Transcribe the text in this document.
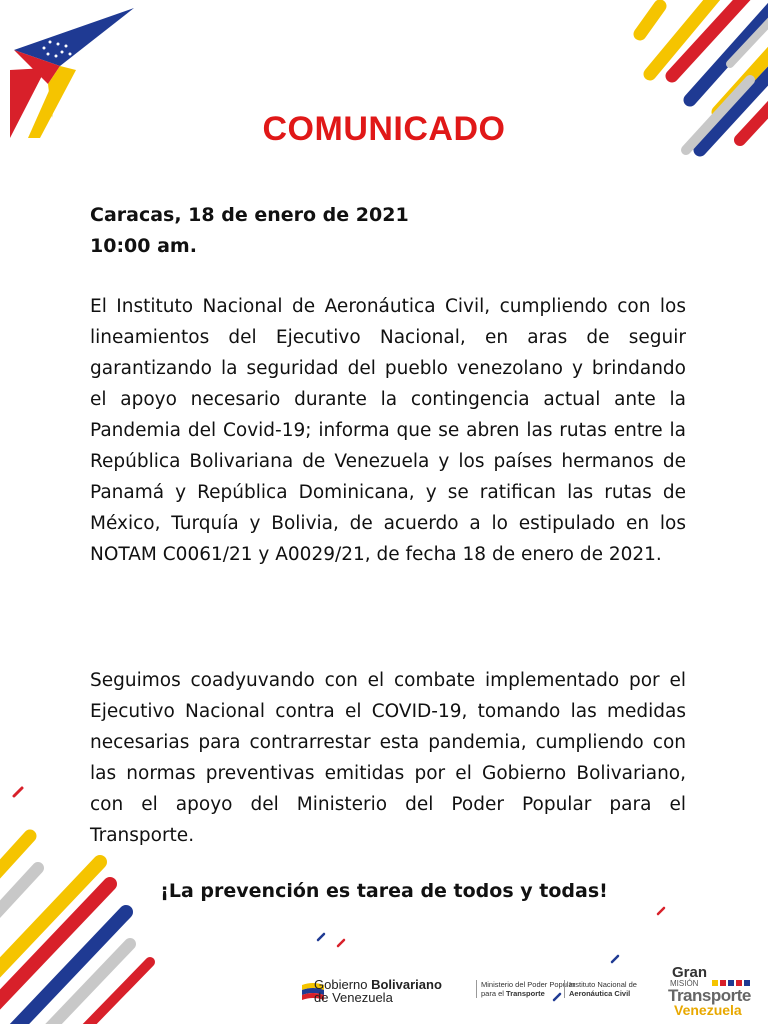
COMUNICADO
Caracas, 18 de enero de 2021
10:00 am.

El Instituto Nacional de Aeronáutica Civil, cumpliendo con los lineamientos del Ejecutivo Nacional, en aras de seguir garantizando la seguridad del pueblo venezolano y brindando el apoyo necesario durante la contingencia actual ante la Pandemia del Covid-19; informa que se abren las rutas entre la República Bolivariana de Venezuela y los países hermanos de Panamá y República Dominicana, y se ratifican las rutas de México, Turquía y Bolivia, de acuerdo a lo estipulado en los NOTAM C0061/21 y A0029/21, de fecha 18 de enero de 2021.

Seguimos coadyuvando con el combate implementado por el Ejecutivo Nacional contra el COVID-19, tomando las medidas necesarias para contrarrestar esta pandemia, cumpliendo con las normas preventivas emitidas por el Gobierno Bolivariano, con el apoyo del Ministerio del Poder Popular para el Transporte.

¡La prevención es tarea de todos y todas!
Gobierno Bolivariano
de Venezuela
Ministerio del Poder Popular
para el Transporte
Instituto Nacional de
Aeronáutica Civil
Gran
MISIÓN
Transporte
Venezuela
